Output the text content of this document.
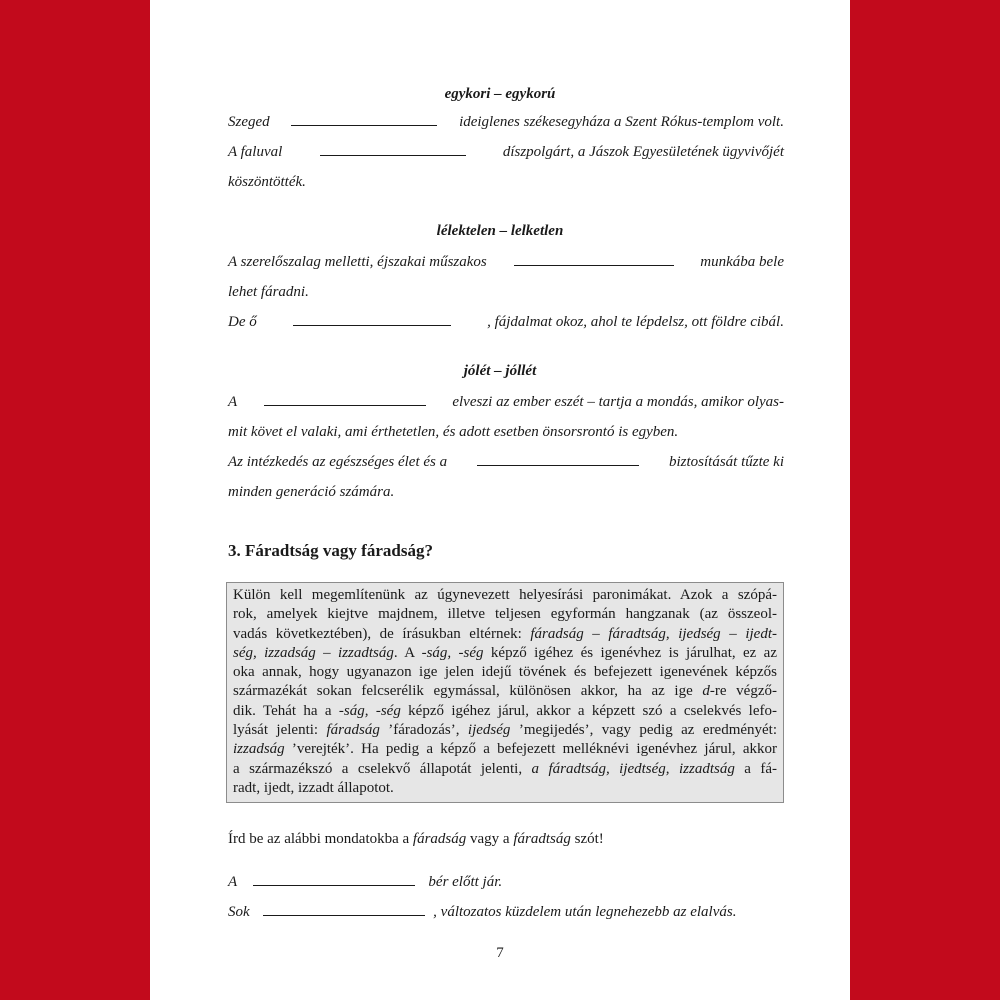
egykori – egykorú
Szeged	ideiglenes székesegyháza a Szent Rókus-templom volt.
A faluval	díszpolgárt, a Jászok Egyesületének ügyvivőjét
köszöntötték.
lélektelen – lelketlen
A szerelőszalag melletti, éjszakai műszakos	munkába bele
lehet fáradni.
De ő	, fájdalmat okoz, ahol te lépdelsz, ott földre cibál.
jólét – jóllét
A	elveszi az ember eszét – tartja a mondás, amikor olyas-
mit követ el valaki, ami érthetetlen, és adott esetben önsorsrontó is egyben.
Az intézkedés az egészséges élet és a	biztosítását tűzte ki
minden generáció számára.
3. Fáradtság vagy fáradság?
Külön kell megemlítenünk az úgynevezett helyesírási paronimákat. Azok a szópá-
rok, amelyek kiejtve majdnem, illetve teljesen egyformán hangzanak (az összeol-
vadás következtében), de írásukban eltérnek: fáradság – fáradtság, ijedség – ijedt-
ség, izzadság – izzadtság. A -ság, -ség képző igéhez és igenévhez is járulhat, ez az
oka annak, hogy ugyanazon ige jelen idejű tövének és befejezett igenevének képzős
származékát sokan felcserélik egymással, különösen akkor, ha az ige d-re végző-
dik. Tehát ha a -ság, -ség képző igéhez járul, akkor a képzett szó a cselekvés lefo-
lyását jelenti: fáradság ’fáradozás’, ijedség ’megijedés’, vagy pedig az eredményét:
izzadság ’verejték’. Ha pedig a képző a befejezett melléknévi igenévhez járul, akkor
a származékszó a cselekvő állapotát jelenti, a fáradtság, ijedtség, izzadtság a fá-
radt, ijedt, izzadt állapotot.
Írd be az alábbi mondatokba a fáradság vagy a fáradtság szót!
A	bér előtt jár.
Sok	, változatos küzdelem után legnehezebb az elalvás.
7
